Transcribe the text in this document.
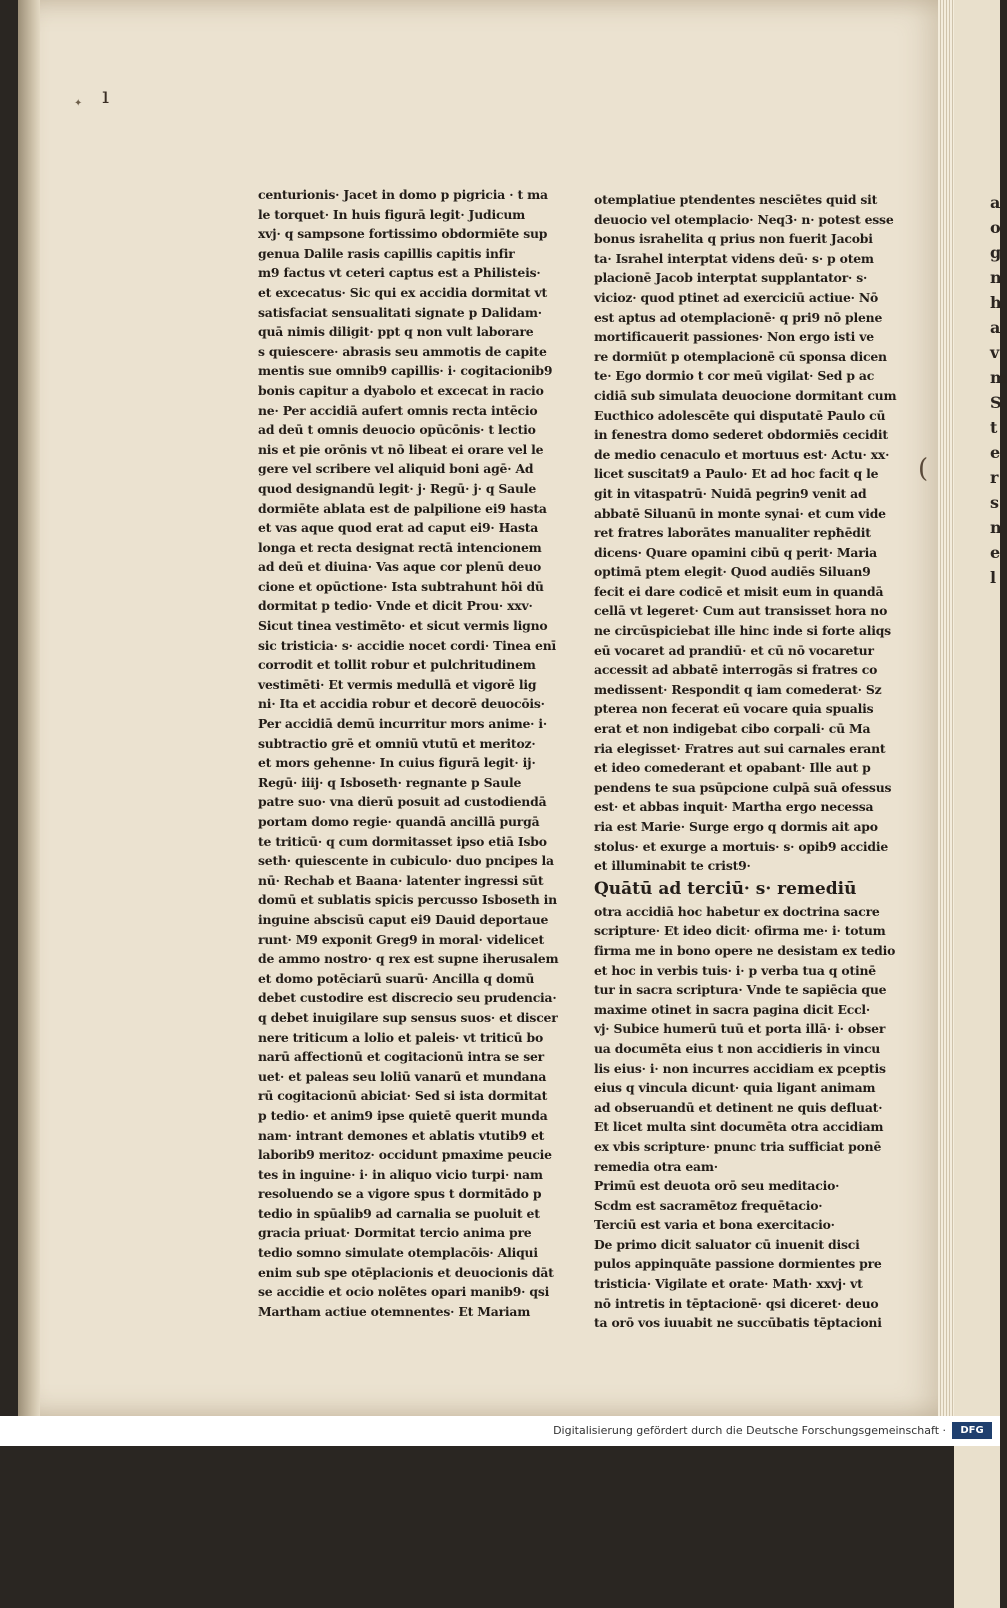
✦ ı
(
a
o
g
n
h
a
v
m
S
t
e
r
s
n
e
l
centurionis· Jacet in domo p pigricia · t ma
le torquet· In huis figurā legit· Judicum
xvj· q sampsone fortissimo obdormiēte sup
genua Dalile rasis capillis capitis infir
m9 factus vt ceteri captus est a Philisteis·
et excecatus· Sic qui ex accidia dormitat vt
satisfaciat sensualitati signate p Dalidam·
quā nimis diligit· ppt q non vult laborare
s quiescere· abrasis seu ammotis de capite
mentis sue omnib9 capillis· i· cogitacionib9
bonis capitur a dyabolo et excecat in racio
ne· Per accidiā aufert omnis recta intēcio
ad deū t omnis deuocio opūcōnis· t lectio
nis et pie orōnis vt nō libeat ei orare vel le
gere vel scribere vel aliquid boni agē· Ad
quod designandū legit· j· Regū· j· q Saule
dormiēte ablata est de palpilione ei9 hasta
et vas aque quod erat ad caput ei9· Hasta
longa et recta designat rectā intencionem
ad deū et diuina· Vas aque cor plenū deuo
cione et opūctione· Ista subtrahunt hōi dū
dormitat p tedio· Vnde et dicit Prou· xxv·
Sicut tinea vestimēto· et sicut vermis ligno
sic tristicia· s· accidie nocet cordi· Tinea enī
corrodit et tollit robur et pulchritudinem
vestimēti· Et vermis medullā et vigorē lig
ni· Ita et accidia robur et decorē deuocōis·
Per accidiā demū incurritur mors anime· i·
subtractio grē et omniū vtutū et meritoz·
et mors gehenne· In cuius figurā legit· ij·
Regū· iiij· q Isboseth· regnante p Saule
patre suo· vna dierū posuit ad custodiendā
portam domo regie· quandā ancillā purgā
te triticū· q cum dormitasset ipso etiā Isbo
seth· quiescente in cubiculo· duo pncipes la
nū· Rechab et Baana· latenter ingressi sūt
domū et sublatis spicis percusso Isboseth in
inguine abscisū caput ei9 Dauid deportaue
runt· M9 exponit Greg9 in moral· videlicet
de ammo nostro· q rex est supne iherusalem
et domo potēciarū suarū· Ancilla q domū
debet custodire est discrecio seu prudencia·
q debet inuigilare sup sensus suos· et discer
nere triticum a lolio et paleis· vt triticū bo
narū affectionū et cogitacionū intra se ser
uet· et paleas seu loliū vanarū et mundana
rū cogitacionū abiciat· Sed si ista dormitat
p tedio· et anim9 ipse quietē querit munda
nam· intrant demones et ablatis vtutib9 et
laborib9 meritoz· occidunt pmaxime peucie
tes in inguine· i· in aliquo vicio turpi· nam
resoluendo se a vigore spus t dormitādo p
tedio in spūalib9 ad carnalia se puoluit et
gracia priuat· Dormitat tercio anima pre
tedio somno simulate otemplacōis· Aliqui
enim sub spe otēplacionis et deuocionis dāt
se accidie et ocio nolētes opari manib9· qsi
Martham actiue otemnentes· Et Mariam
otemplatiue ptendentes nesciētes quid sit
deuocio vel otemplacio· Neq3· n· potest esse
bonus israhelita q prius non fuerit Jacobi
ta· Israhel interptat videns deū· s· p otem
placionē Jacob interptat supplantator· s·
vicioz· quod ptinet ad exerciciū actiue· Nō
est aptus ad otemplacionē· q pri9 nō plene
mortificauerit passiones· Non ergo isti ve
re dormiūt p otemplacionē cū sponsa dicen
te· Ego dormio t cor meū vigilat· Sed p ac
cidiā sub simulata deuocione dormitant cum
Eucthico adolescēte qui disputatē Paulo cū
in fenestra domo sederet obdormiēs cecidit
de medio cenaculo et mortuus est· Actu· xx·
licet suscitat9 a Paulo· Et ad hoc facit q le
git in vitaspatrū· Nuidā pegrin9 venit ad
abbatē Siluanū in monte synai· et cum vide
ret fratres laborātes manualiter repħēdit
dicens· Quare opamini cibū q perit· Maria
optimā ptem elegit· Quod audiēs Siluan9
fecit ei dare codicē et misit eum in quandā
cellā vt legeret· Cum aut transisset hora no
ne circūspiciebat ille hinc inde si forte aliqs
eū vocaret ad prandiū· et cū nō vocaretur
accessit ad abbatē interrogās si fratres co
medissent· Respondit q iam comederat· Sz
pterea non fecerat eū vocare quia spualis
erat et non indigebat cibo corpali· cū Ma
ria elegisset· Fratres aut sui carnales erant
et ideo comederant et opabant· Ille aut p
pendens te sua psūpcione culpā suā ofessus
est· et abbas inquit· Martha ergo necessa
ria est Marie· Surge ergo q dormis ait apo
stolus· et exurge a mortuis· s· opib9 accidie
et illuminabit te crist9·
Quātū ad terciū· s· remediū
otra accidiā hoc habetur ex doctrina sacre
scripture· Et ideo dicit· ofirma me· i· totum
firma me in bono opere ne desistam ex tedio
et hoc in verbis tuis· i· p verba tua q otinē
tur in sacra scriptura· Vnde te sapiēcia que
maxime otinet in sacra pagina dicit Eccl·
vj· Subice humerū tuū et porta illā· i· obser
ua documēta eius t non accidieris in vincu
lis eius· i· non incurres accidiam ex pceptis
eius q vincula dicunt· quia ligant animam
ad obseruandū et detinent ne quis defluat·
Et licet multa sint documēta otra accidiam
ex vbis scripture· pnunc tria sufficiat ponē
remedia otra eam·
Primū est deuota orō seu meditacio·
Scdm est sacramētoz frequētacio·
Terciū est varia et bona exercitacio·
De primo dicit saluator cū inuenit disci
pulos appinquāte passione dormientes pre
tristicia· Vigilate et orate· Math· xxvj· vt
nō intretis in tēptacionē· qsi diceret· deuo
ta orō vos iuuabit ne succūbatis tēptacioni
Digitalisierung gefördert durch die Deutsche Forschungsgemeinschaft ·	DFG
